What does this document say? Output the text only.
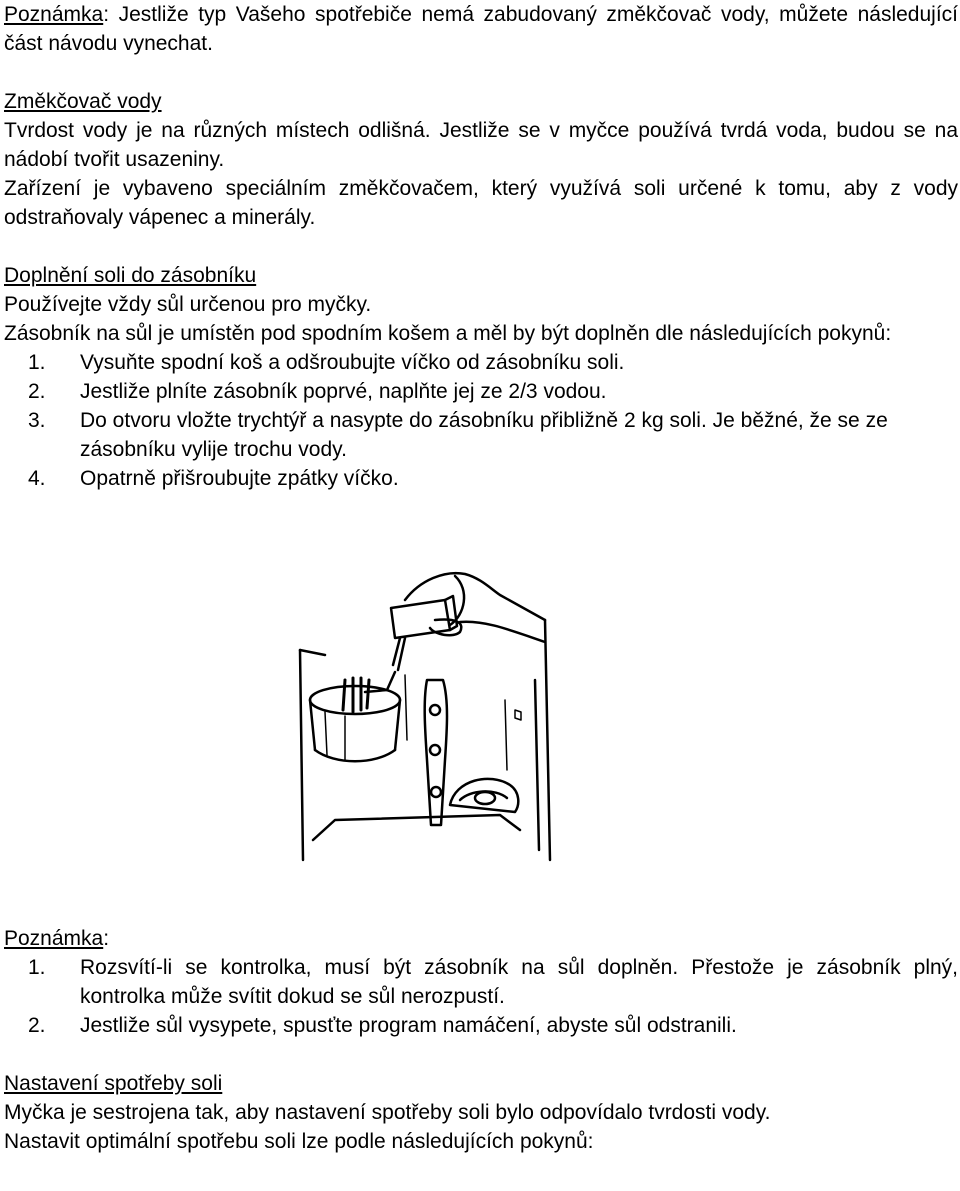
Poznámka: Jestliže typ Vašeho spotřebiče nemá zabudovaný změkčovač vody, můžete následující část návodu vynechat.

Změkčovač vody

Tvrdost vody je na různých místech odlišná. Jestliže se v myčce používá tvrdá voda, budou se na nádobí tvořit usazeniny.

Zařízení je vybaveno speciálním změkčovačem, který využívá soli určené k tomu, aby z vody odstraňovaly vápenec a minerály.

Doplnění soli do zásobníku

Používejte vždy sůl určenou pro myčky.

Zásobník na sůl je umístěn pod spodním košem a měl by být doplněn dle následujících pokynů:

1.	Vysuňte spodní koš a odšroubujte víčko od zásobníku soli.
2.	Jestliže plníte zásobník poprvé, naplňte jej ze 2/3 vodou.
3.	Do otvoru vložte trychtýř a nasypte do zásobníku přibližně 2 kg soli. Je běžné, že se ze zásobníku vylije trochu vody.
4.	Opatrně přišroubujte zpátky víčko.

Poznámka:

1.	Rozsvítí-li se kontrolka, musí být zásobník na sůl doplněn. Přestože je zásobník plný, kontrolka může svítit dokud se sůl nerozpustí.
2.	Jestliže sůl vysypete, spusťte program namáčení, abyste sůl odstranili.

Nastavení spotřeby soli

Myčka je sestrojena tak, aby nastavení spotřeby soli bylo odpovídalo tvrdosti vody.

Nastavit optimální spotřebu soli lze podle následujících pokynů:
